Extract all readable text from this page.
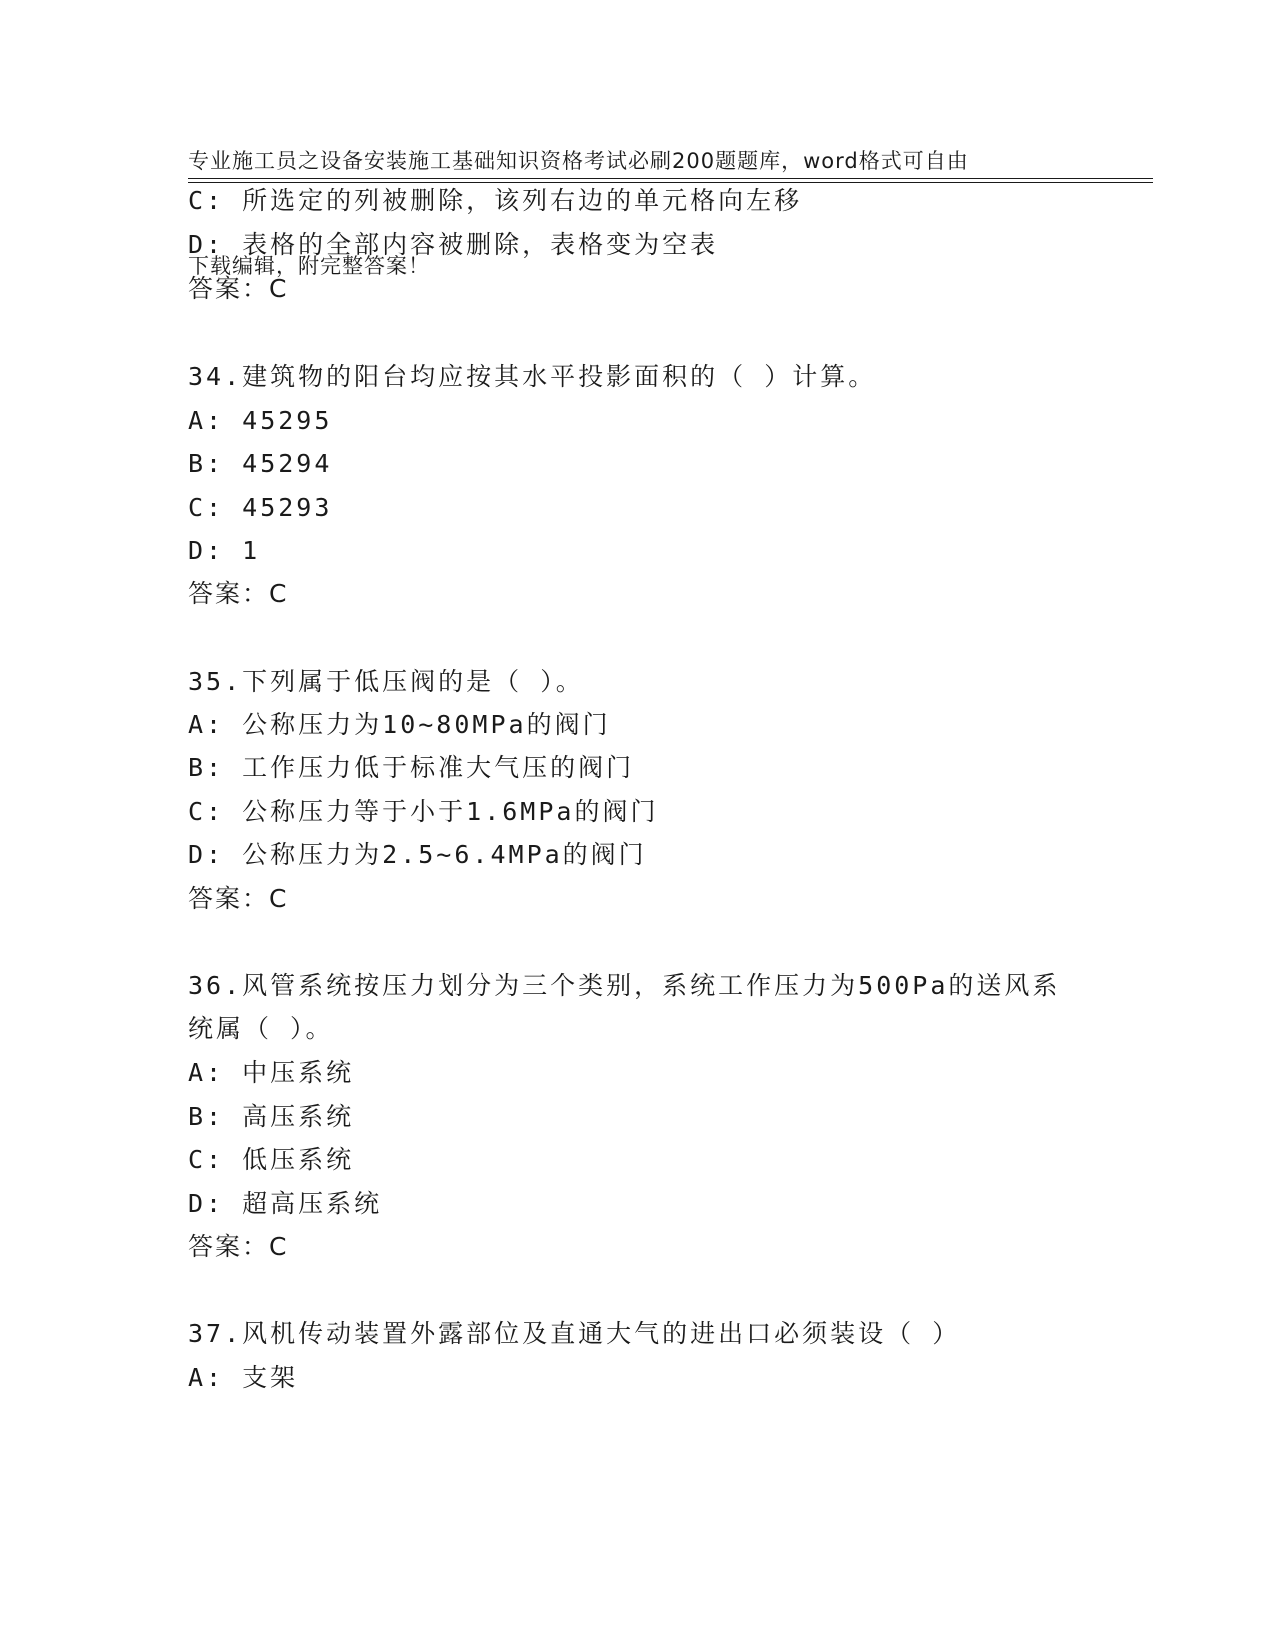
专业施工员之设备安装施工基础知识资格考试必刷200题题库，word格式可自由

下载编辑，附完整答案！

C: 所选定的列被删除，该列右边的单元格向左移
D: 表格的全部内容被删除，表格变为空表
答案：C
34.建筑物的阳台均应按其水平投影面积的（ ）计算。
A: 45295
B: 45294
C: 45293
D: 1
答案：C
35.下列属于低压阀的是（ ）。
A: 公称压力为10~80MPa的阀门
B: 工作压力低于标准大气压的阀门
C: 公称压力等于小于1.6MPa的阀门
D: 公称压力为2.5~6.4MPa的阀门
答案：C
36.风管系统按压力划分为三个类别，系统工作压力为500Pa的送风系
统属（ ）。
A: 中压系统
B: 高压系统
C: 低压系统
D: 超高压系统
答案：C
37.风机传动装置外露部位及直通大气的进出口必须装设（ ）
A: 支架
